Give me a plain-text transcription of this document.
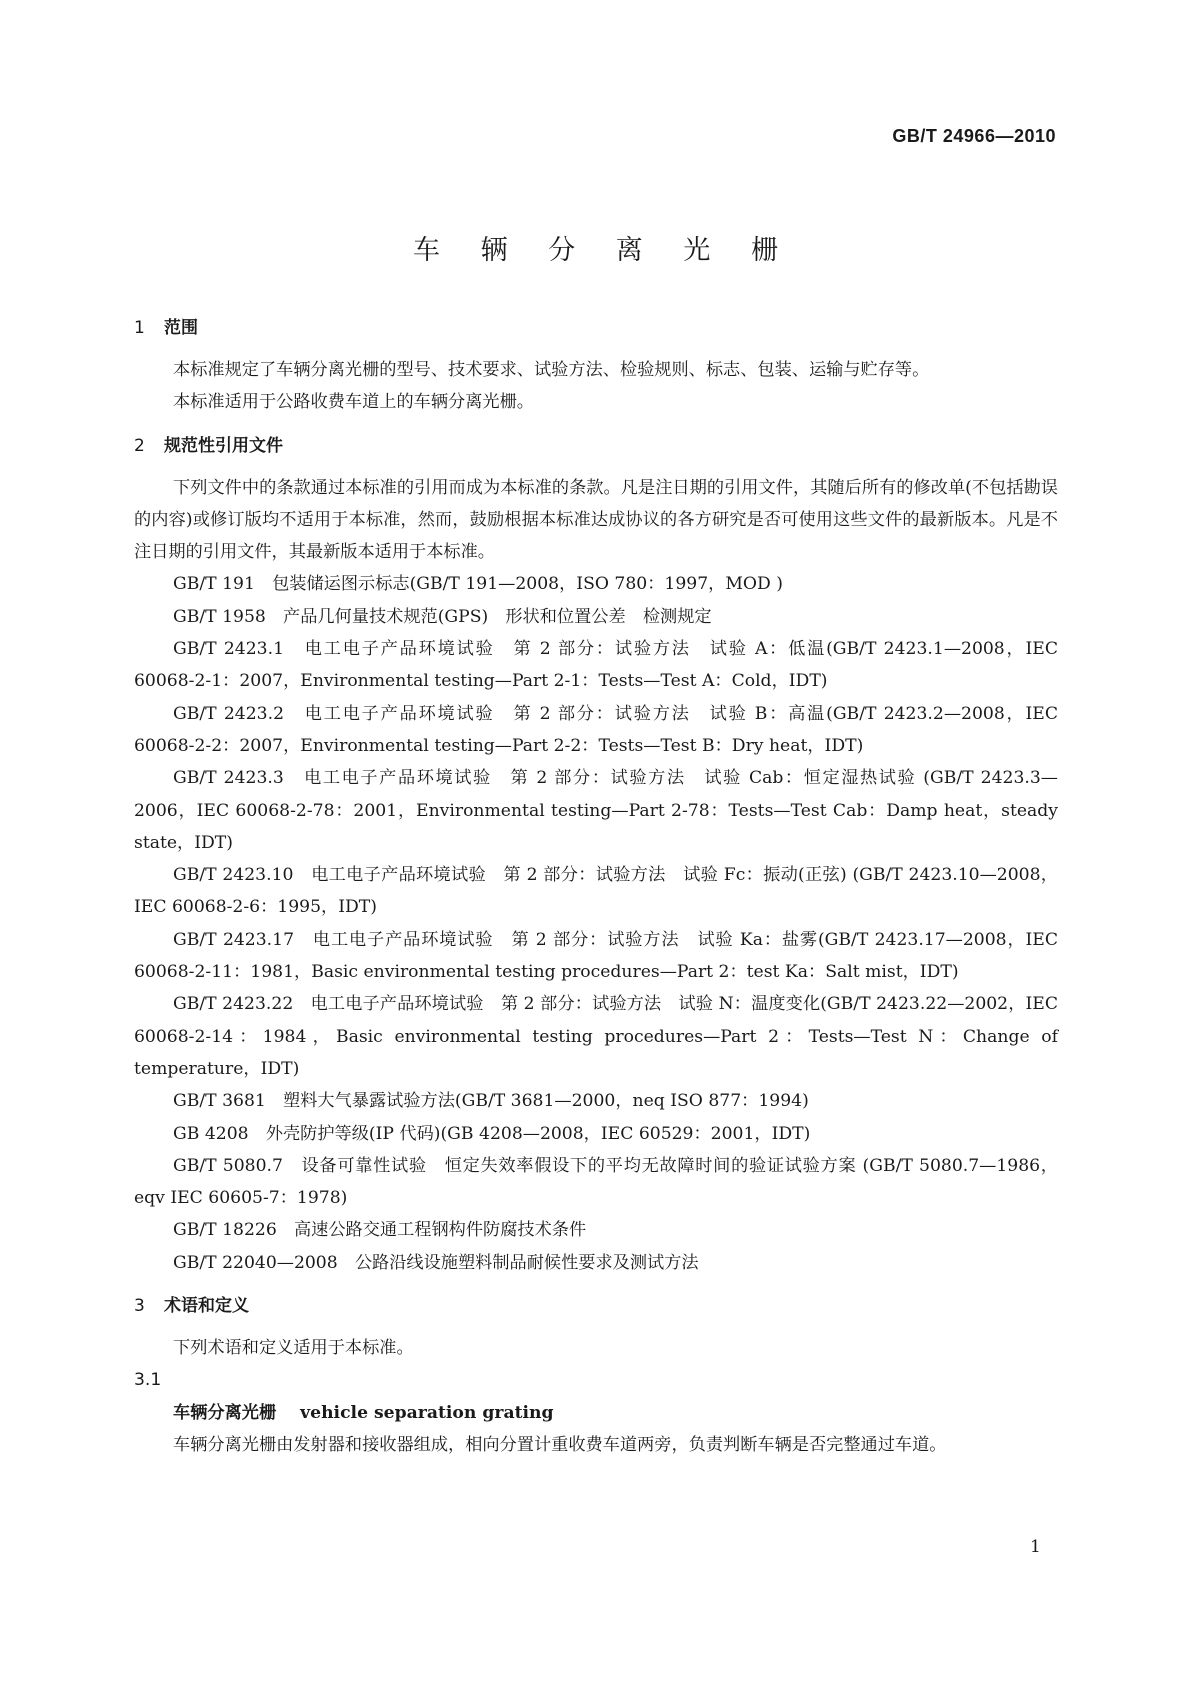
GB/T 24966—2010

车 辆 分 离 光 栅
1 范围

本标准规定了车辆分离光栅的型号、技术要求、试验方法、检验规则、标志、包装、运输与贮存等。

本标准适用于公路收费车道上的车辆分离光栅。

2 规范性引用文件

下列文件中的条款通过本标准的引用而成为本标准的条款。凡是注日期的引用文件，其随后所有的修改单(不包括勘误的内容)或修订版均不适用于本标准，然而，鼓励根据本标准达成协议的各方研究是否可使用这些文件的最新版本。凡是不注日期的引用文件，其最新版本适用于本标准。

GB/T 191　包装储运图示标志(GB/T 191—2008，ISO 780：1997，MOD )

GB/T 1958　产品几何量技术规范(GPS)　形状和位置公差　检测规定

GB/T 2423.1　电工电子产品环境试验　第 2 部分：试验方法　试验 A：低温(GB/T 2423.1—2008，IEC 60068-2-1：2007，Environmental testing—Part 2-1：Tests—Test A：Cold，IDT)

GB/T 2423.2　电工电子产品环境试验　第 2 部分：试验方法　试验 B：高温(GB/T 2423.2—2008，IEC 60068-2-2：2007，Environmental testing—Part 2-2：Tests—Test B：Dry heat，IDT)

GB/T 2423.3　电工电子产品环境试验　第 2 部分：试验方法　试验 Cab：恒定湿热试验 (GB/T 2423.3—2006，IEC 60068-2-78：2001，Environmental testing—Part 2-78：Tests—Test Cab：Damp heat，steady state，IDT)

GB/T 2423.10　电工电子产品环境试验　第 2 部分：试验方法　试验 Fc：振动(正弦) (GB/T 2423.10—2008，IEC 60068-2-6：1995，IDT)

GB/T 2423.17　电工电子产品环境试验　第 2 部分：试验方法　试验 Ka：盐雾(GB/T 2423.17—2008，IEC 60068-2-11：1981，Basic environmental testing procedures—Part 2：test Ka：Salt mist，IDT)

GB/T 2423.22　电工电子产品环境试验　第 2 部分：试验方法　试验 N：温度变化(GB/T 2423.22—2002，IEC 60068-2-14：1984，Basic environmental testing procedures—Part 2：Tests—Test N：Change of temperature，IDT)

GB/T 3681　塑料大气暴露试验方法(GB/T 3681—2000，neq ISO 877：1994)

GB 4208　外壳防护等级(IP 代码)(GB 4208—2008，IEC 60529：2001，IDT)

GB/T 5080.7　设备可靠性试验　恒定失效率假设下的平均无故障时间的验证试验方案 (GB/T 5080.7—1986，eqv IEC 60605-7：1978)

GB/T 18226　高速公路交通工程钢构件防腐技术条件

GB/T 22040—2008　公路沿线设施塑料制品耐候性要求及测试方法

3 术语和定义

下列术语和定义适用于本标准。

3.1

车辆分离光栅 vehicle separation grating

车辆分离光栅由发射器和接收器组成，相向分置计重收费车道两旁，负责判断车辆是否完整通过车道。

1
